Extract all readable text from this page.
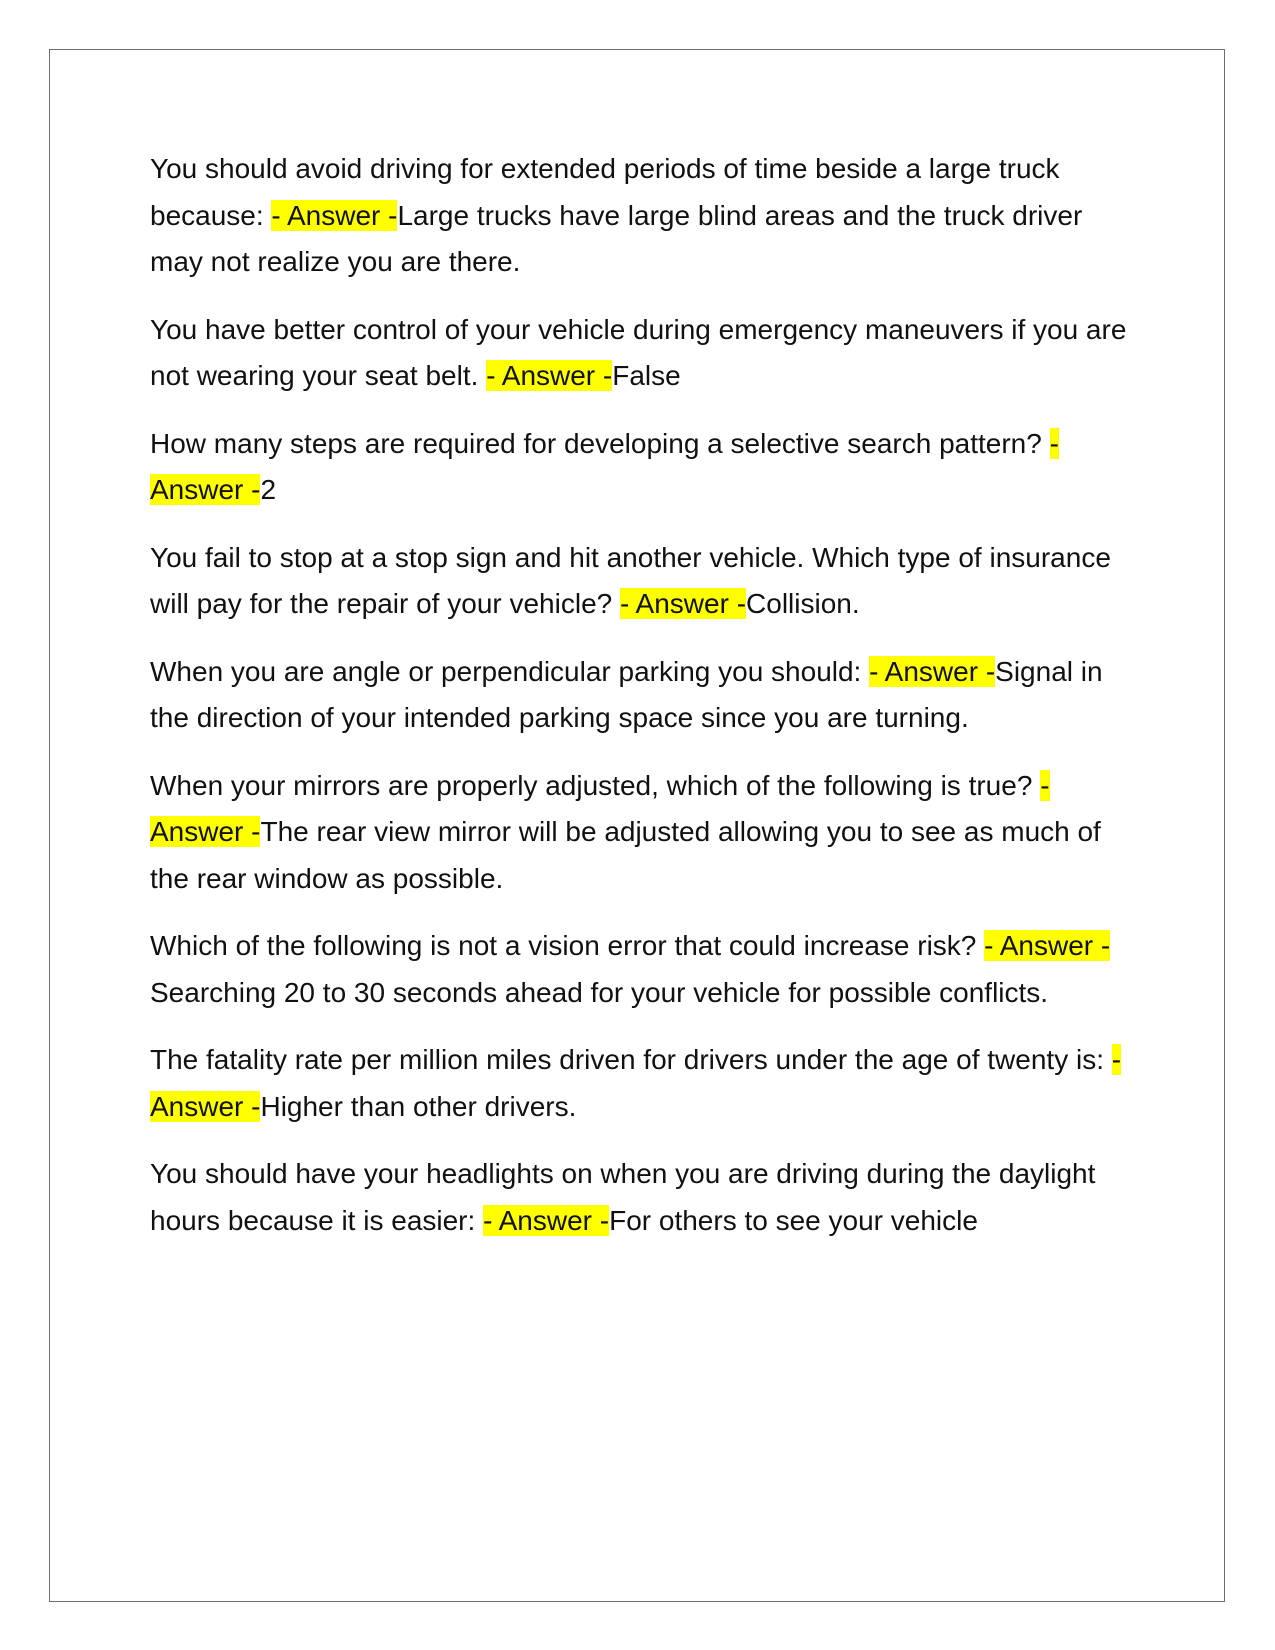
You should avoid driving for extended periods of time beside a large truck because: - Answer -Large trucks have large blind areas and the truck driver may not realize you are there.

You have better control of your vehicle during emergency maneuvers if you are not wearing your seat belt. - Answer -False

How many steps are required for developing a selective search pattern? - Answer -2

You fail to stop at a stop sign and hit another vehicle. Which type of insurance will pay for the repair of your vehicle? - Answer -Collision.

When you are angle or perpendicular parking you should: - Answer -Signal in the direction of your intended parking space since you are turning.

When your mirrors are properly adjusted, which of the following is true? - Answer -The rear view mirror will be adjusted allowing you to see as much of the rear window as possible.

Which of the following is not a vision error that could increase risk? - Answer -Searching 20 to 30 seconds ahead for your vehicle for possible conflicts.

The fatality rate per million miles driven for drivers under the age of twenty is: - Answer -Higher than other drivers.

You should have your headlights on when you are driving during the daylight hours because it is easier: - Answer -For others to see your vehicle
